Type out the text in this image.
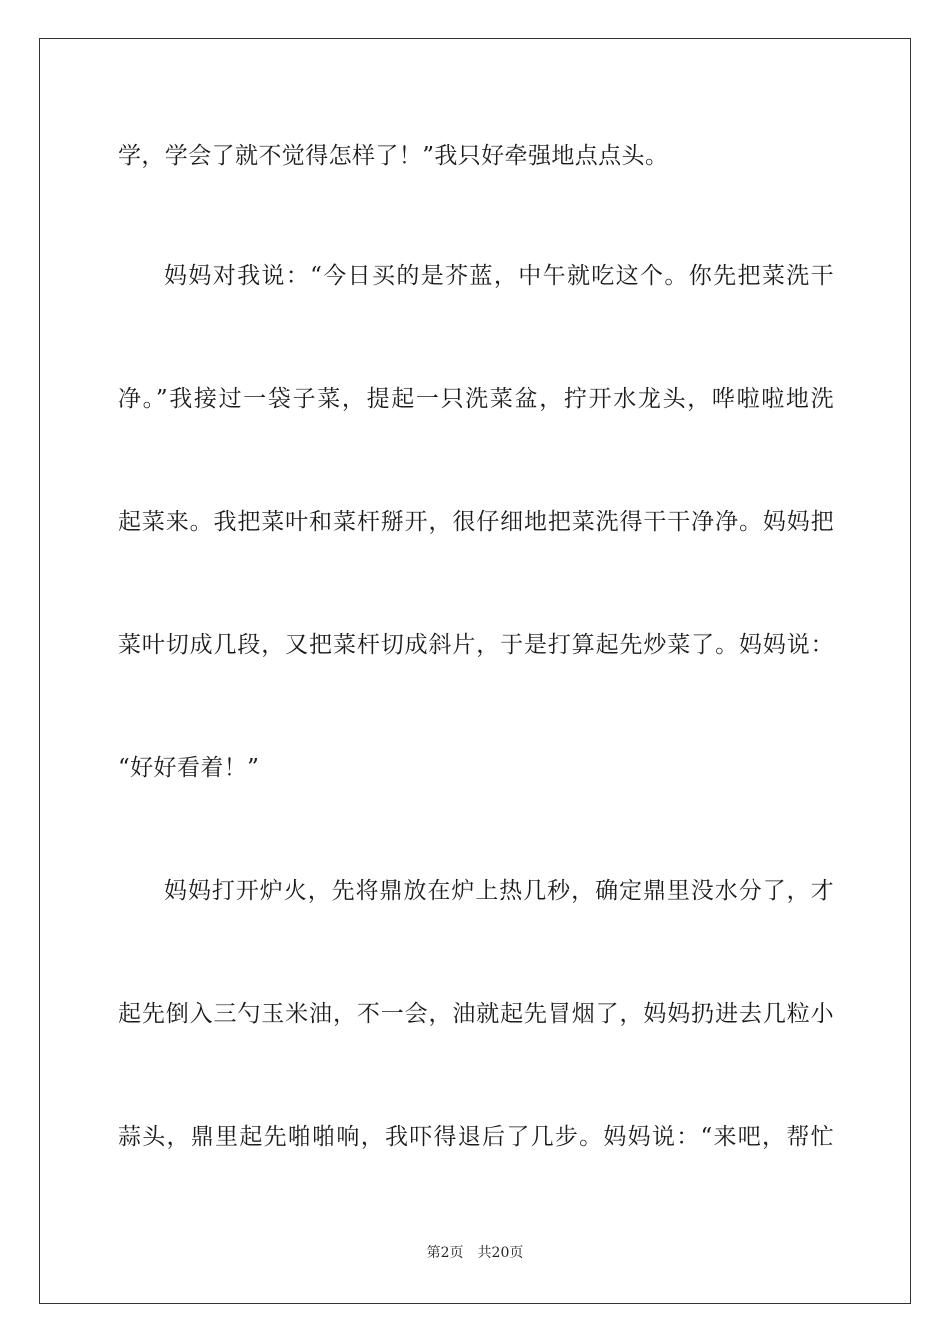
学，学会了就不觉得怎样了！”我只好牵强地点点头。
妈妈对我说：“今日买的是芥蓝，中午就吃这个。你先把菜洗干
净。”我接过一袋子菜，提起一只洗菜盆，拧开水龙头，哗啦啦地洗
起菜来。我把菜叶和菜杆掰开，很仔细地把菜洗得干干净净。妈妈把
菜叶切成几段，又把菜杆切成斜片，于是打算起先炒菜了。妈妈说：
“好好看着！”
妈妈打开炉火，先将鼎放在炉上热几秒，确定鼎里没水分了，才
起先倒入三勺玉米油，不一会，油就起先冒烟了，妈妈扔进去几粒小
蒜头，鼎里起先啪啪响，我吓得退后了几步。妈妈说：“来吧，帮忙
第2页 共20页
